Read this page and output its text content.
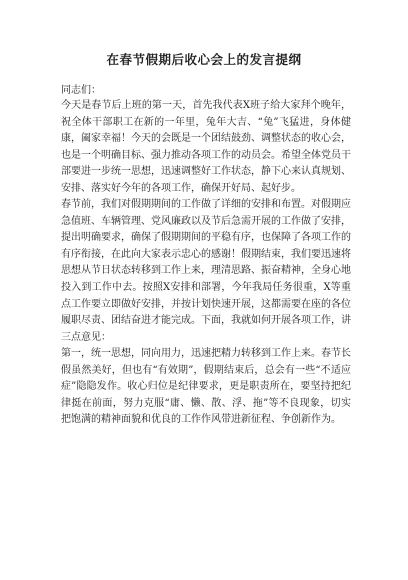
在春节假期后收心会上的发言提纲

同志们：

今天是春节后上班的第一天，首先我代表X班子给大家拜个晚年，祝全体干部职工在新的一年里，兔年大吉、“兔”飞猛进，身体健康，阖家幸福！今天的会既是一个团结鼓劲、调整状态的收心会，也是一个明确目标、强力推动各项工作的动员会。希望全体党员干部要进一步统一思想，迅速调整好工作状态，静下心来认真规划、安排、落实好今年的各项工作，确保开好局、起好步。

春节前，我们对假期期间的工作做了详细的安排和布置。对假期应急值班、车辆管理、党风廉政以及节后急需开展的工作做了安排，提出明确要求，确保了假期期间的平稳有序，也保障了各项工作的有序衔接，在此向大家表示忠心的感谢！假期结束，我们要迅速将思想从节日状态转移到工作上来，理清思路、振奋精神，全身心地投入到工作中去。按照X安排和部署，今年我局任务很重，X等重点工作要立即做好安排，并按计划快速开展，这都需要在座的各位履职尽责、团结奋进才能完成。下面，我就如何开展各项工作，讲三点意见：

第一，统一思想，同向用力，迅速把精力转移到工作上来。春节长假虽然美好，但也有“有效期”，假期结束后，总会有一些“不适应症”隐隐发作。收心归位是纪律要求，更是职责所在，要坚持把纪律挺在前面，努力克服“庸、懒、散、浮、拖”等不良现象，切实把饱满的精神面貌和优良的工作作风带进新征程、争创新作为。
